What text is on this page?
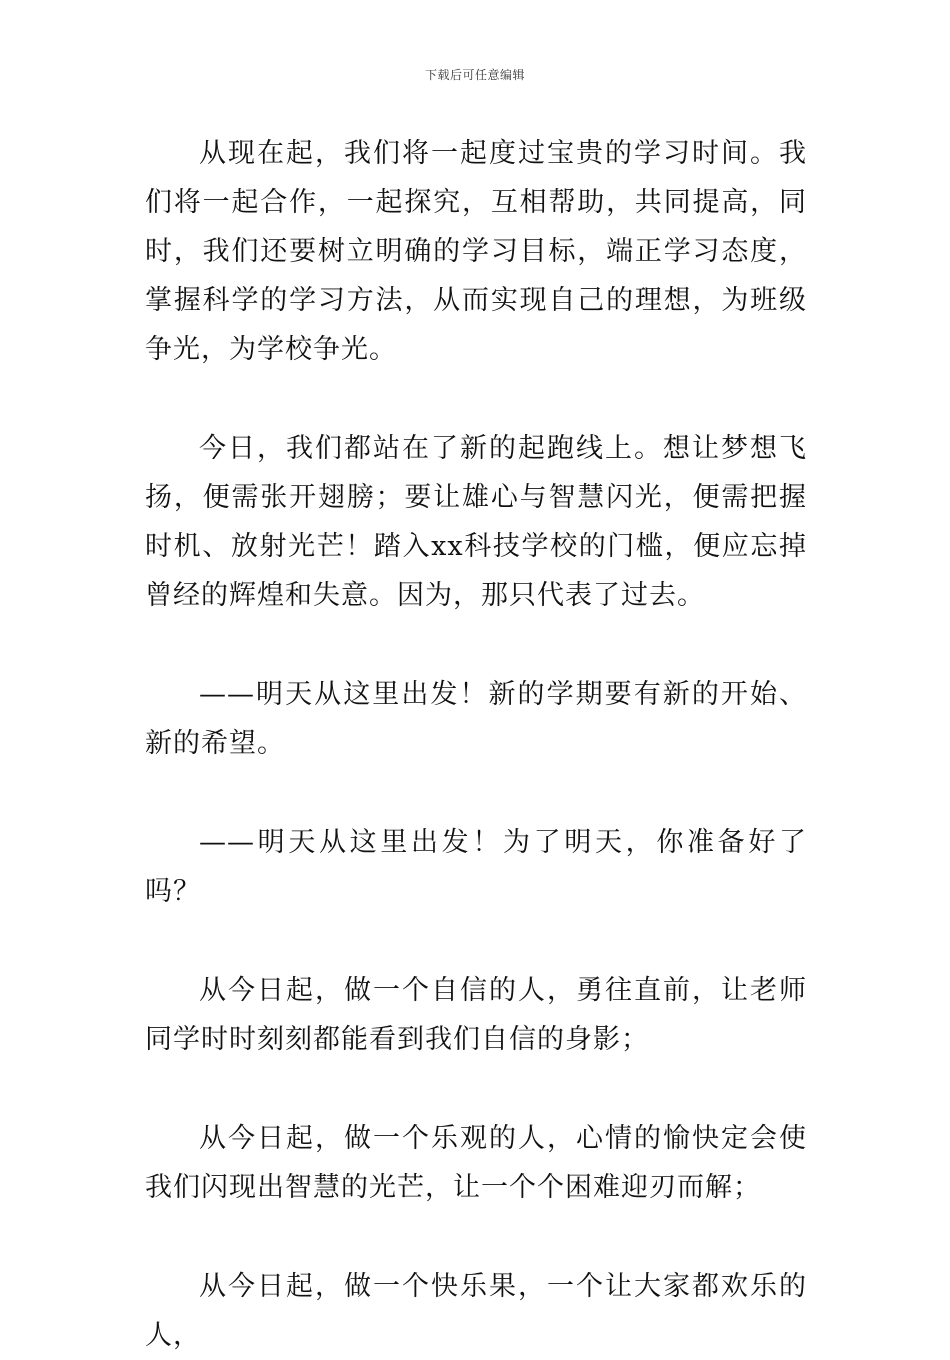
下载后可任意编辑

从现在起，我们将一起度过宝贵的学习时间。我们将一起合作，一起探究，互相帮助，共同提高，同时，我们还要树立明确的学习目标，端正学习态度，掌握科学的学习方法，从而实现自己的理想，为班级争光，为学校争光。

今日，我们都站在了新的起跑线上。想让梦想飞扬，便需张开翅膀；要让雄心与智慧闪光，便需把握时机、放射光芒！踏入xx科技学校的门槛，便应忘掉曾经的辉煌和失意。因为，那只代表了过去。

——明天从这里出发！新的学期要有新的开始、新的希望。

——明天从这里出发！为了明天，你准备好了吗？

从今日起，做一个自信的人，勇往直前，让老师同学时时刻刻都能看到我们自信的身影；

从今日起，做一个乐观的人，心情的愉快定会使我们闪现出智慧的光芒，让一个个困难迎刃而解；

从今日起，做一个快乐果，一个让大家都欢乐的人，
